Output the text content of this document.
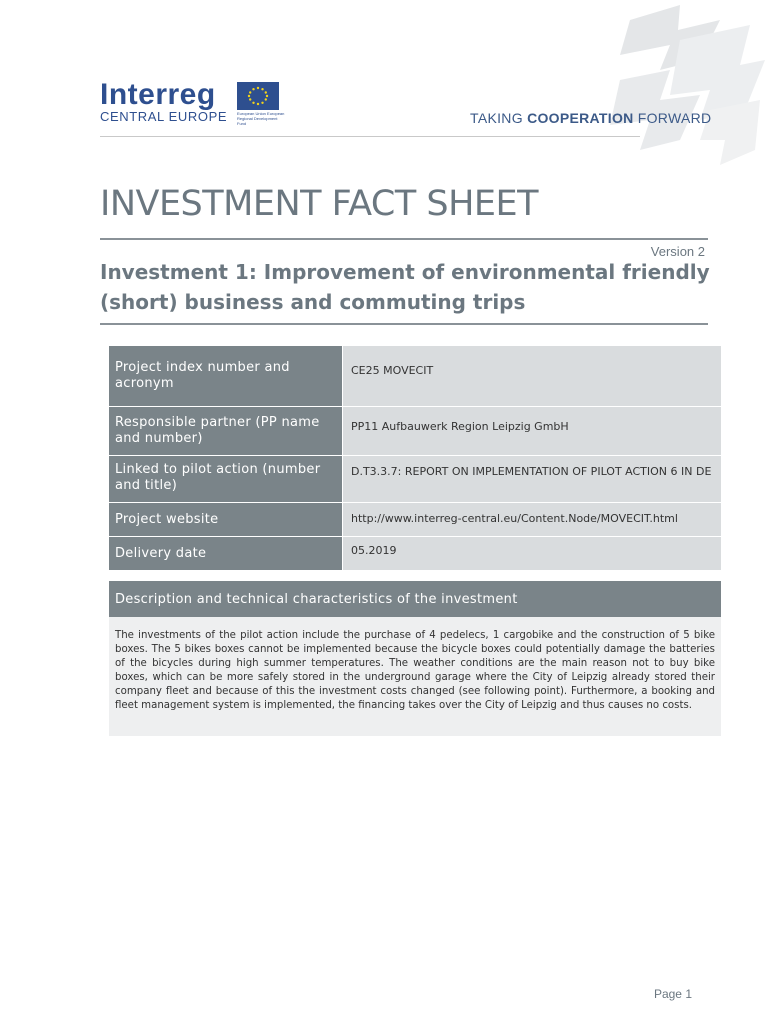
Interreg
CENTRAL EUROPE European Union European Regional Development Fund	TAKING COOPERATION FORWARD
INVESTMENT FACT SHEET
Version 2
Investment 1: Improvement of environmental friendly (short) business and commuting trips
Project index number and acronym	CE25 MOVECIT
Responsible partner (PP name and number)	PP11 Aufbauwerk Region Leipzig GmbH
Linked to pilot action (number and title)	D.T3.3.7: REPORT ON IMPLEMENTATION OF PILOT ACTION 6 IN DE
Project website	http://www.interreg-central.eu/Content.Node/MOVECIT.html
Delivery date	05.2019
Description and technical characteristics of the investment
The investments of the pilot action include the purchase of 4 pedelecs, 1 cargobike and the construction of 5 bike boxes. The 5 bikes boxes cannot be implemented because the bicycle boxes could potentially damage the batteries of the bicycles during high summer temperatures. The weather conditions are the main reason not to buy bike boxes, which can be more safely stored in the underground garage where the City of Leipzig already stored their company fleet and because of this the investment costs changed (see following point). Furthermore, a booking and fleet management system is implemented, the financing takes over the City of Leipzig and thus causes no costs.
Page 1
